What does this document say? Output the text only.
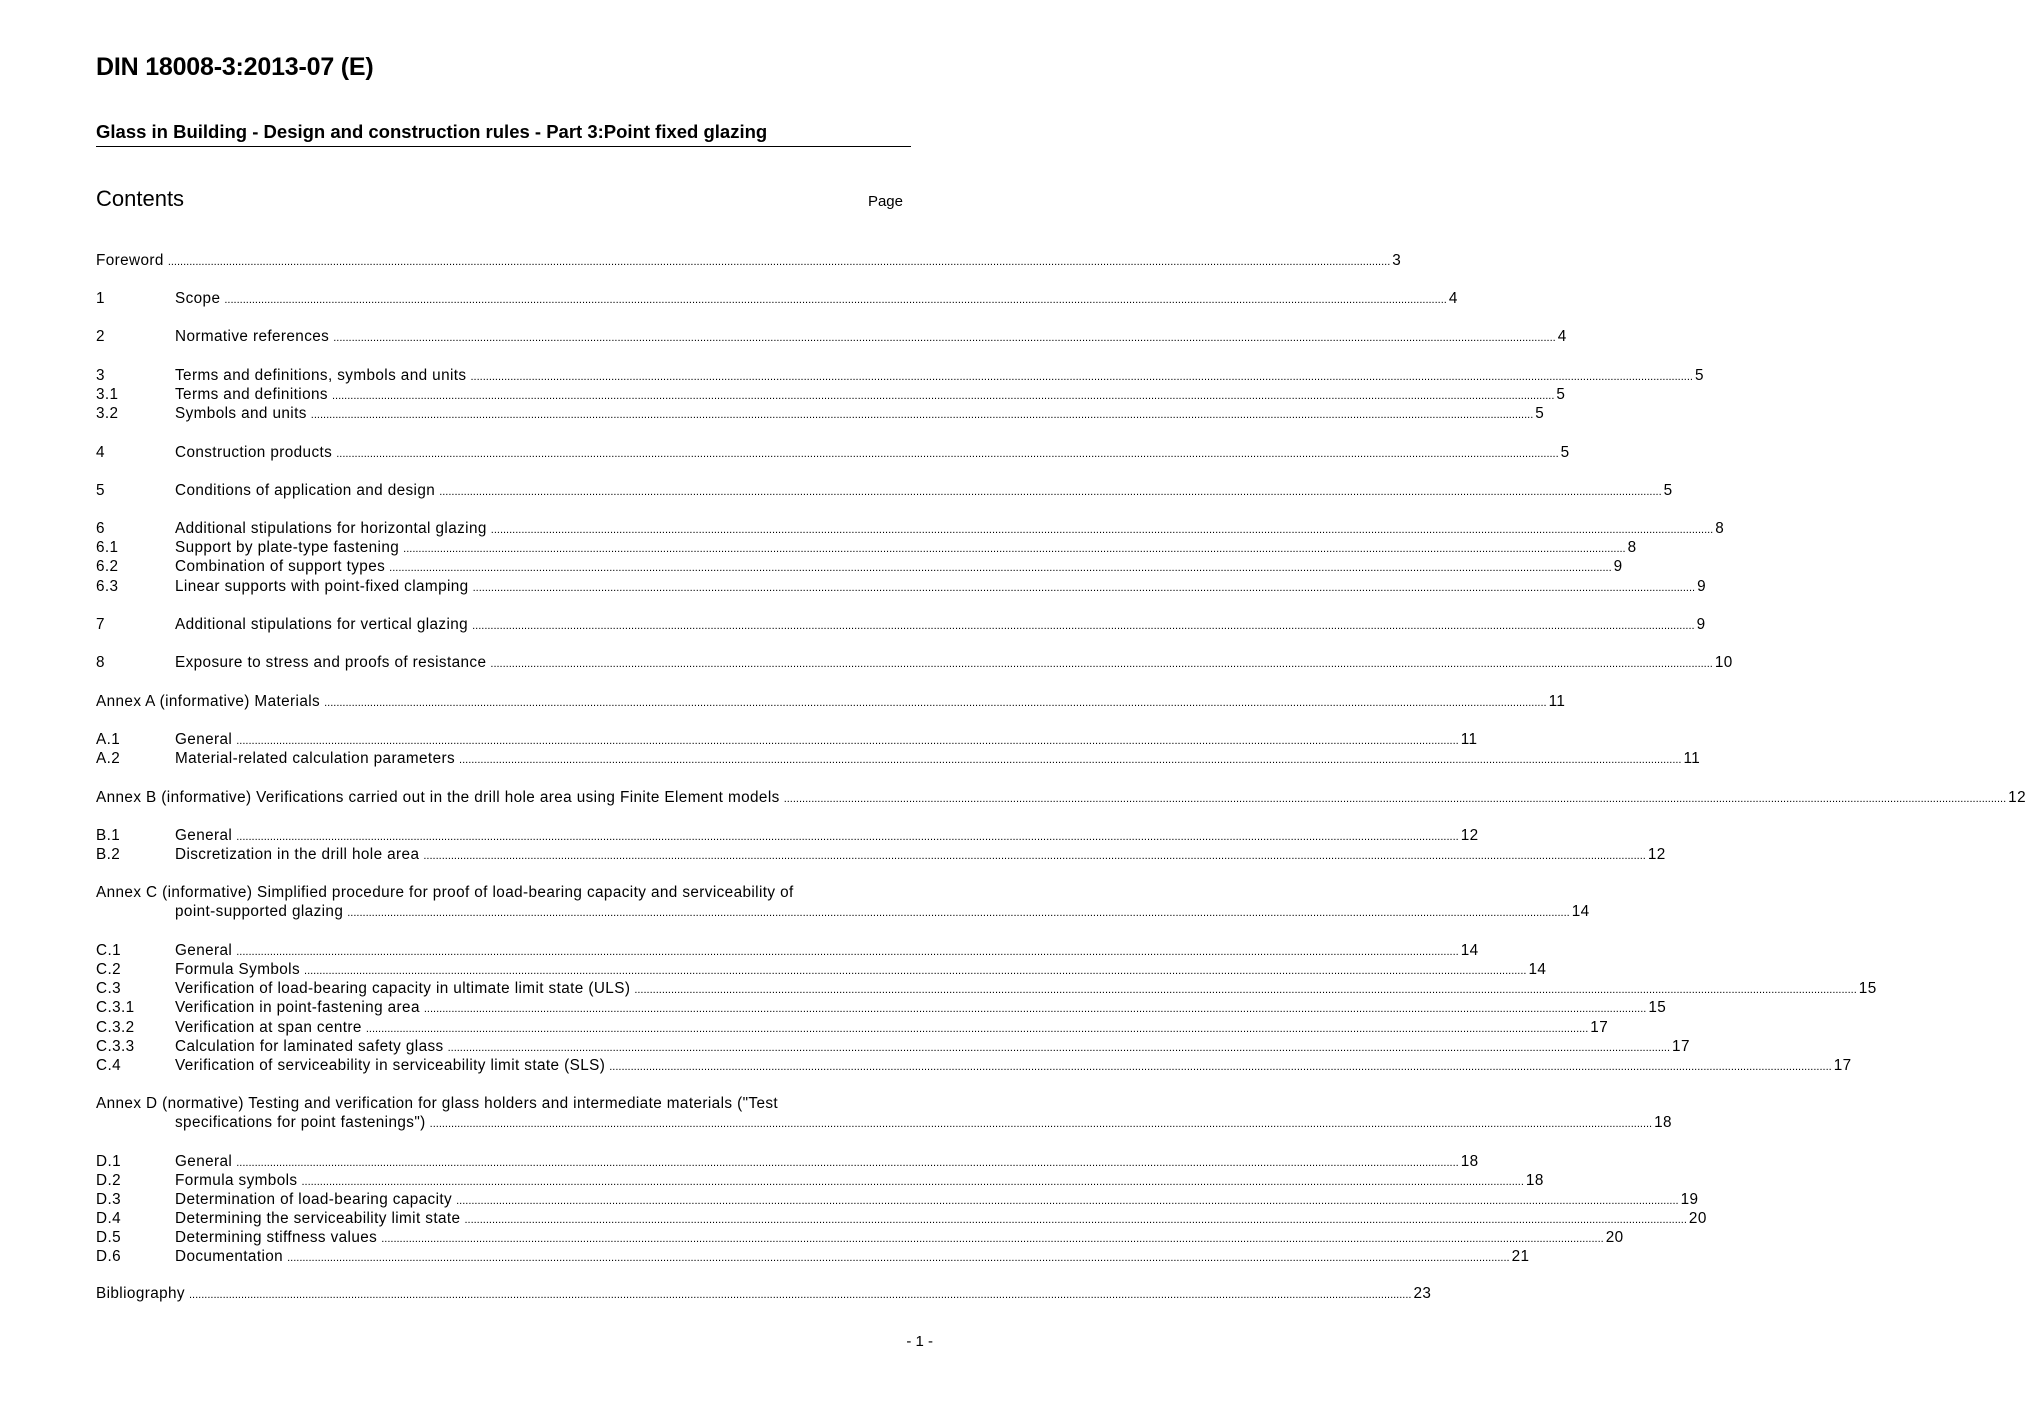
DIN 18008-3:2013-07 (E)
Glass in Building - Design and construction rules - Part 3:Point fixed glazing
Contents	Page
Foreword ................................................................................................................................................................................................................................................................................................................................................................................................................ 3
1	Scope ................................................................................................................................................................................................................................................................................................................................................................................................................ 4
2	Normative references ................................................................................................................................................................................................................................................................................................................................................................................................................ 4
3	Terms and definitions, symbols and units ................................................................................................................................................................................................................................................................................................................................................................................................................ 5
3.1	Terms and definitions ................................................................................................................................................................................................................................................................................................................................................................................................................ 5
3.2	Symbols and units ................................................................................................................................................................................................................................................................................................................................................................................................................ 5
4	Construction products ................................................................................................................................................................................................................................................................................................................................................................................................................ 5
5	Conditions of application and design ................................................................................................................................................................................................................................................................................................................................................................................................................ 5
6	Additional stipulations for horizontal glazing ................................................................................................................................................................................................................................................................................................................................................................................................................ 8
6.1	Support by plate-type fastening ................................................................................................................................................................................................................................................................................................................................................................................................................ 8
6.2	Combination of support types ................................................................................................................................................................................................................................................................................................................................................................................................................ 9
6.3	Linear supports with point-fixed clamping ................................................................................................................................................................................................................................................................................................................................................................................................................ 9
7	Additional stipulations for vertical glazing ................................................................................................................................................................................................................................................................................................................................................................................................................ 9
8	Exposure to stress and proofs of resistance ................................................................................................................................................................................................................................................................................................................................................................................................................ 10
Annex A (informative) Materials ................................................................................................................................................................................................................................................................................................................................................................................................................ 11
A.1	General ................................................................................................................................................................................................................................................................................................................................................................................................................ 11
A.2	Material-related calculation parameters ................................................................................................................................................................................................................................................................................................................................................................................................................ 11
Annex B (informative) Verifications carried out in the drill hole area using Finite Element models ................................................................................................................................................................................................................................................................................................................................................................................................................ 12
B.1	General ................................................................................................................................................................................................................................................................................................................................................................................................................ 12
B.2	Discretization in the drill hole area ................................................................................................................................................................................................................................................................................................................................................................................................................ 12
Annex C (informative) Simplified procedure for proof of load-bearing capacity and serviceability of
point-supported glazing ................................................................................................................................................................................................................................................................................................................................................................................................................ 14
C.1	General ................................................................................................................................................................................................................................................................................................................................................................................................................ 14
C.2	Formula Symbols ................................................................................................................................................................................................................................................................................................................................................................................................................ 14
C.3	Verification of load-bearing capacity in ultimate limit state (ULS) ................................................................................................................................................................................................................................................................................................................................................................................................................ 15
C.3.1	Verification in point-fastening area ................................................................................................................................................................................................................................................................................................................................................................................................................ 15
C.3.2	Verification at span centre ................................................................................................................................................................................................................................................................................................................................................................................................................ 17
C.3.3	Calculation for laminated safety glass ................................................................................................................................................................................................................................................................................................................................................................................................................ 17
C.4	Verification of serviceability in serviceability limit state (SLS) ................................................................................................................................................................................................................................................................................................................................................................................................................ 17
Annex D (normative) Testing and verification for glass holders and intermediate materials ("Test
specifications for point fastenings") ................................................................................................................................................................................................................................................................................................................................................................................................................ 18
D.1	General ................................................................................................................................................................................................................................................................................................................................................................................................................ 18
D.2	Formula symbols ................................................................................................................................................................................................................................................................................................................................................................................................................ 18
D.3	Determination of load-bearing capacity ................................................................................................................................................................................................................................................................................................................................................................................................................ 19
D.4	Determining the serviceability limit state ................................................................................................................................................................................................................................................................................................................................................................................................................ 20
D.5	Determining stiffness values ................................................................................................................................................................................................................................................................................................................................................................................................................ 20
D.6	Documentation ................................................................................................................................................................................................................................................................................................................................................................................................................ 21
Bibliography ................................................................................................................................................................................................................................................................................................................................................................................................................ 23
- 1 -
